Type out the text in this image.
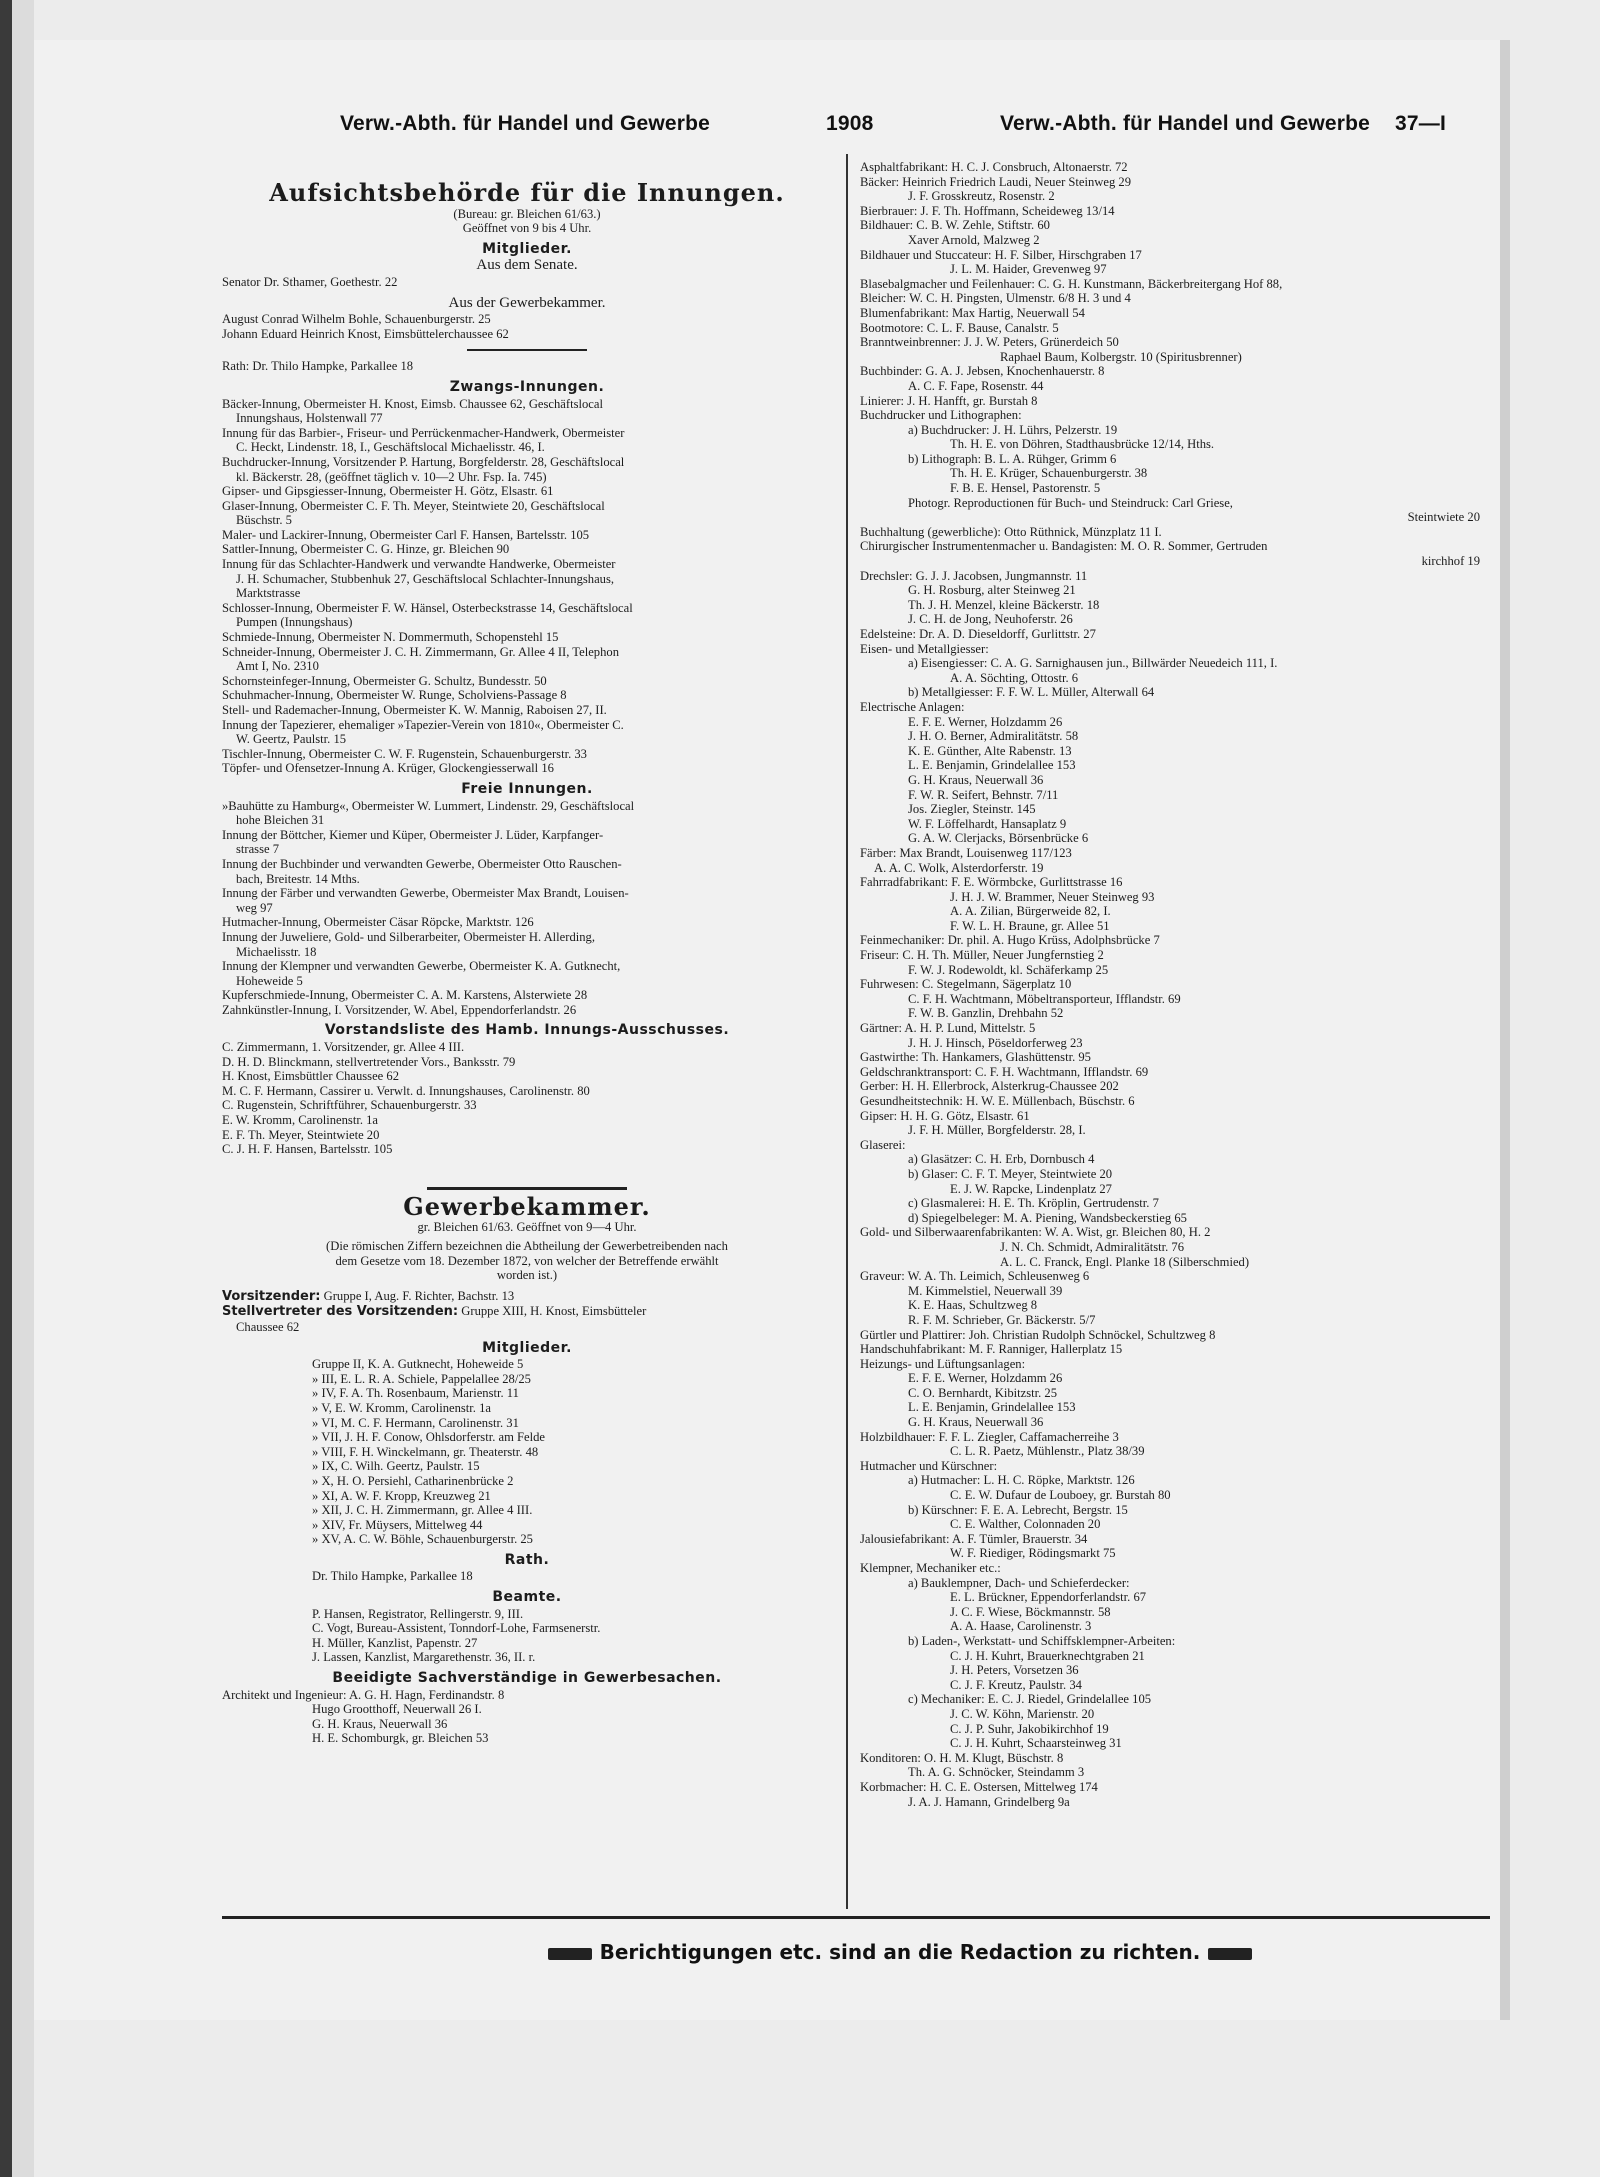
Verw.-Abth. für Handel und Gewerbe	1908	Verw.-Abth. für Handel und Gewerbe 37—I
Aufsichtsbehörde für die Innungen.
(Bureau: gr. Bleichen 61/63.)
Geöffnet von 9 bis 4 Uhr.
Mitglieder.
Aus dem Senate.
Senator Dr. Sthamer, Goethestr. 22
Aus der Gewerbekammer.
August Conrad Wilhelm Bohle, Schauenburgerstr. 25
Johann Eduard Heinrich Knost, Eimsbüttelerchaussee 62
Rath: Dr. Thilo Hampke, Parkallee 18
Zwangs-Innungen.
Bäcker-Innung, Obermeister H. Knost, Eimsb. Chaussee 62, Geschäftslocal
Innungshaus, Holstenwall 77
Innung für das Barbier-, Friseur- und Perrückenmacher-Handwerk, Obermeister
C. Heckt, Lindenstr. 18, I., Geschäftslocal Michaelisstr. 46, I.
Buchdrucker-Innung, Vorsitzender P. Hartung, Borgfelderstr. 28, Geschäftslocal
kl. Bäckerstr. 28, (geöffnet täglich v. 10—2 Uhr. Fsp. Ia. 745)
Gipser- und Gipsgiesser-Innung, Obermeister H. Götz, Elsastr. 61
Glaser-Innung, Obermeister C. F. Th. Meyer, Steintwiete 20, Geschäftslocal
Büschstr. 5
Maler- und Lackirer-Innung, Obermeister Carl F. Hansen, Bartelsstr. 105
Sattler-Innung, Obermeister C. G. Hinze, gr. Bleichen 90
Innung für das Schlachter-Handwerk und verwandte Handwerke, Obermeister
J. H. Schumacher, Stubbenhuk 27, Geschäftslocal Schlachter-Innungshaus,
Marktstrasse
Schlosser-Innung, Obermeister F. W. Hänsel, Osterbeckstrasse 14, Geschäftslocal
Pumpen (Innungshaus)
Schmiede-Innung, Obermeister N. Dommermuth, Schopenstehl 15
Schneider-Innung, Obermeister J. C. H. Zimmermann, Gr. Allee 4 II, Telephon
Amt I, No. 2310
Schornsteinfeger-Innung, Obermeister G. Schultz, Bundesstr. 50
Schuhmacher-Innung, Obermeister W. Runge, Scholviens-Passage 8
Stell- und Rademacher-Innung, Obermeister K. W. Mannig, Raboisen 27, II.
Innung der Tapezierer, ehemaliger »Tapezier-Verein von 1810«, Obermeister C.
W. Geertz, Paulstr. 15
Tischler-Innung, Obermeister C. W. F. Rugenstein, Schauenburgerstr. 33
Töpfer- und Ofensetzer-Innung A. Krüger, Glockengiesserwall 16
Freie Innungen.
»Bauhütte zu Hamburg«, Obermeister W. Lummert, Lindenstr. 29, Geschäftslocal
hohe Bleichen 31
Innung der Böttcher, Kiemer und Küper, Obermeister J. Lüder, Karpfanger-
strasse 7
Innung der Buchbinder und verwandten Gewerbe, Obermeister Otto Rauschen-
bach, Breitestr. 14 Mths.
Innung der Färber und verwandten Gewerbe, Obermeister Max Brandt, Louisen-
weg 97
Hutmacher-Innung, Obermeister Cäsar Röpcke, Marktstr. 126
Innung der Juweliere, Gold- und Silberarbeiter, Obermeister H. Allerding,
Michaelisstr. 18
Innung der Klempner und verwandten Gewerbe, Obermeister K. A. Gutknecht,
Hoheweide 5
Kupferschmiede-Innung, Obermeister C. A. M. Karstens, Alsterwiete 28
Zahnkünstler-Innung, I. Vorsitzender, W. Abel, Eppendorferlandstr. 26
Vorstandsliste des Hamb. Innungs-Ausschusses.
C. Zimmermann, 1. Vorsitzender, gr. Allee 4 III.
D. H. D. Blinckmann, stellvertretender Vors., Banksstr. 79
H. Knost, Eimsbüttler Chaussee 62
M. C. F. Hermann, Cassirer u. Verwlt. d. Innungshauses, Carolinenstr. 80
C. Rugenstein, Schriftführer, Schauenburgerstr. 33
E. W. Kromm, Carolinenstr. 1a
E. F. Th. Meyer, Steintwiete 20
C. J. H. F. Hansen, Bartelsstr. 105
Gewerbekammer.
gr. Bleichen 61/63. Geöffnet von 9—4 Uhr.
(Die römischen Ziffern bezeichnen die Abtheilung der Gewerbetreibenden nach
dem Gesetze vom 18. Dezember 1872, von welcher der Betreffende erwählt
worden ist.)
Vorsitzender: Gruppe I, Aug. F. Richter, Bachstr. 13
Stellvertreter des Vorsitzenden: Gruppe XIII, H. Knost, Eimsbütteler
Chaussee 62
Mitglieder.
Gruppe II, K. A. Gutknecht, Hoheweide 5
» III, E. L. R. A. Schiele, Pappelallee 28/25
» IV, F. A. Th. Rosenbaum, Marienstr. 11
» V, E. W. Kromm, Carolinenstr. 1a
» VI, M. C. F. Hermann, Carolinenstr. 31
» VII, J. H. F. Conow, Ohlsdorferstr. am Felde
» VIII, F. H. Winckelmann, gr. Theaterstr. 48
» IX, C. Wilh. Geertz, Paulstr. 15
» X, H. O. Persiehl, Catharinenbrücke 2
» XI, A. W. F. Kropp, Kreuzweg 21
» XII, J. C. H. Zimmermann, gr. Allee 4 III.
» XIV, Fr. Müysers, Mittelweg 44
» XV, A. C. W. Böhle, Schauenburgerstr. 25
Rath.
Dr. Thilo Hampke, Parkallee 18
Beamte.
P. Hansen, Registrator, Rellingerstr. 9, III.
C. Vogt, Bureau-Assistent, Tonndorf-Lohe, Farmsenerstr.
H. Müller, Kanzlist, Papenstr. 27
J. Lassen, Kanzlist, Margarethenstr. 36, II. r.
Beeidigte Sachverständige in Gewerbesachen.
Architekt und Ingenieur: A. G. H. Hagn, Ferdinandstr. 8
Hugo Grootthoff, Neuerwall 26 I.
G. H. Kraus, Neuerwall 36
H. E. Schomburgk, gr. Bleichen 53
Asphaltfabrikant: H. C. J. Consbruch, Altonaerstr. 72
Bäcker: Heinrich Friedrich Laudi, Neuer Steinweg 29
J. F. Grosskreutz, Rosenstr. 2
Bierbrauer: J. F. Th. Hoffmann, Scheideweg 13/14
Bildhauer: C. B. W. Zehle, Stiftstr. 60
Xaver Arnold, Malzweg 2
Bildhauer und Stuccateur: H. F. Silber, Hirschgraben 17
J. L. M. Haider, Grevenweg 97
Blasebalgmacher und Feilenhauer: C. G. H. Kunstmann, Bäckerbreitergang Hof 88,
Bleicher: W. C. H. Pingsten, Ulmenstr. 6/8 H. 3 und 4
Blumenfabrikant: Max Hartig, Neuerwall 54
Bootmotore: C. L. F. Bause, Canalstr. 5
Branntweinbrenner: J. J. W. Peters, Grünerdeich 50
Raphael Baum, Kolbergstr. 10 (Spiritusbrenner)
Buchbinder: G. A. J. Jebsen, Knochenhauerstr. 8
A. C. F. Fape, Rosenstr. 44
Linierer: J. H. Hanfft, gr. Burstah 8
Buchdrucker und Lithographen:
a) Buchdrucker: J. H. Lührs, Pelzerstr. 19
Th. H. E. von Döhren, Stadthausbrücke 12/14, Hths.
b) Lithograph: B. L. A. Rühger, Grimm 6
Th. H. E. Krüger, Schauenburgerstr. 38
F. B. E. Hensel, Pastorenstr. 5
Photogr. Reproductionen für Buch- und Steindruck: Carl Griese,
Steintwiete 20
Buchhaltung (gewerbliche): Otto Rüthnick, Münzplatz 11 I.
Chirurgischer Instrumentenmacher u. Bandagisten: M. O. R. Sommer, Gertruden
kirchhof 19
Drechsler: G. J. J. Jacobsen, Jungmannstr. 11
G. H. Rosburg, alter Steinweg 21
Th. J. H. Menzel, kleine Bäckerstr. 18
J. C. H. de Jong, Neuhoferstr. 26
Edelsteine: Dr. A. D. Dieseldorff, Gurlittstr. 27
Eisen- und Metallgiesser:
a) Eisengiesser: C. A. G. Sarnighausen jun., Billwärder Neuedeich 111, I.
A. A. Söchting, Ottostr. 6
b) Metallgiesser: F. F. W. L. Müller, Alterwall 64
Electrische Anlagen:
E. F. E. Werner, Holzdamm 26
J. H. O. Berner, Admiralitätstr. 58
K. E. Günther, Alte Rabenstr. 13
L. E. Benjamin, Grindelallee 153
G. H. Kraus, Neuerwall 36
F. W. R. Seifert, Behnstr. 7/11
Jos. Ziegler, Steinstr. 145
W. F. Löffelhardt, Hansaplatz 9
G. A. W. Clerjacks, Börsenbrücke 6
Färber: Max Brandt, Louisenweg 117/123
A. A. C. Wolk, Alsterdorferstr. 19
Fahrradfabrikant: F. E. Wörmbcke, Gurlittstrasse 16
J. H. J. W. Brammer, Neuer Steinweg 93
A. A. Zilian, Bürgerweide 82, I.
F. W. L. H. Braune, gr. Allee 51
Feinmechaniker: Dr. phil. A. Hugo Krüss, Adolphsbrücke 7
Friseur: C. H. Th. Müller, Neuer Jungfernstieg 2
F. W. J. Rodewoldt, kl. Schäferkamp 25
Fuhrwesen: C. Stegelmann, Sägerplatz 10
C. F. H. Wachtmann, Möbeltransporteur, Ifflandstr. 69
F. W. B. Ganzlin, Drehbahn 52
Gärtner: A. H. P. Lund, Mittelstr. 5
J. H. J. Hinsch, Pöseldorferweg 23
Gastwirthe: Th. Hankamers, Glashüttenstr. 95
Geldschranktransport: C. F. H. Wachtmann, Ifflandstr. 69
Gerber: H. H. Ellerbrock, Alsterkrug-Chaussee 202
Gesundheitstechnik: H. W. E. Müllenbach, Büschstr. 6
Gipser: H. H. G. Götz, Elsastr. 61
J. F. H. Müller, Borgfelderstr. 28, I.
Glaserei:
a) Glasätzer: C. H. Erb, Dornbusch 4
b) Glaser: C. F. T. Meyer, Steintwiete 20
E. J. W. Rapcke, Lindenplatz 27
c) Glasmalerei: H. E. Th. Kröplin, Gertrudenstr. 7
d) Spiegelbeleger: M. A. Piening, Wandsbeckerstieg 65
Gold- und Silberwaarenfabrikanten: W. A. Wist, gr. Bleichen 80, H. 2
J. N. Ch. Schmidt, Admiralitätstr. 76
A. L. C. Franck, Engl. Planke 18 (Silberschmied)
Graveur: W. A. Th. Leimich, Schleusenweg 6
M. Kimmelstiel, Neuerwall 39
K. E. Haas, Schultzweg 8
R. F. M. Schrieber, Gr. Bäckerstr. 5/7
Gürtler und Plattirer: Joh. Christian Rudolph Schnöckel, Schultzweg 8
Handschuhfabrikant: M. F. Ranniger, Hallerplatz 15
Heizungs- und Lüftungsanlagen:
E. F. E. Werner, Holzdamm 26
C. O. Bernhardt, Kibitzstr. 25
L. E. Benjamin, Grindelallee 153
G. H. Kraus, Neuerwall 36
Holzbildhauer: F. F. L. Ziegler, Caffamacherreihe 3
C. L. R. Paetz, Mühlenstr., Platz 38/39
Hutmacher und Kürschner:
a) Hutmacher: L. H. C. Röpke, Marktstr. 126
C. E. W. Dufaur de Louboey, gr. Burstah 80
b) Kürschner: F. E. A. Lebrecht, Bergstr. 15
C. E. Walther, Colonnaden 20
Jalousiefabrikant: A. F. Tümler, Brauerstr. 34
W. F. Riediger, Rödingsmarkt 75
Klempner, Mechaniker etc.:
a) Bauklempner, Dach- und Schieferdecker:
E. L. Brückner, Eppendorferlandstr. 67
J. C. F. Wiese, Böckmannstr. 58
A. A. Haase, Carolinenstr. 3
b) Laden-, Werkstatt- und Schiffsklempner-Arbeiten:
C. J. H. Kuhrt, Brauerknechtgraben 21
J. H. Peters, Vorsetzen 36
C. J. F. Kreutz, Paulstr. 34
c) Mechaniker: E. C. J. Riedel, Grindelallee 105
J. C. W. Köhn, Marienstr. 20
C. J. P. Suhr, Jakobikirchhof 19
C. J. H. Kuhrt, Schaarsteinweg 31
Konditoren: O. H. M. Klugt, Büschstr. 8
Th. A. G. Schnöcker, Steindamm 3
Korbmacher: H. C. E. Ostersen, Mittelweg 174
J. A. J. Hamann, Grindelberg 9a
Berichtigungen etc. sind an die Redaction zu richten.
